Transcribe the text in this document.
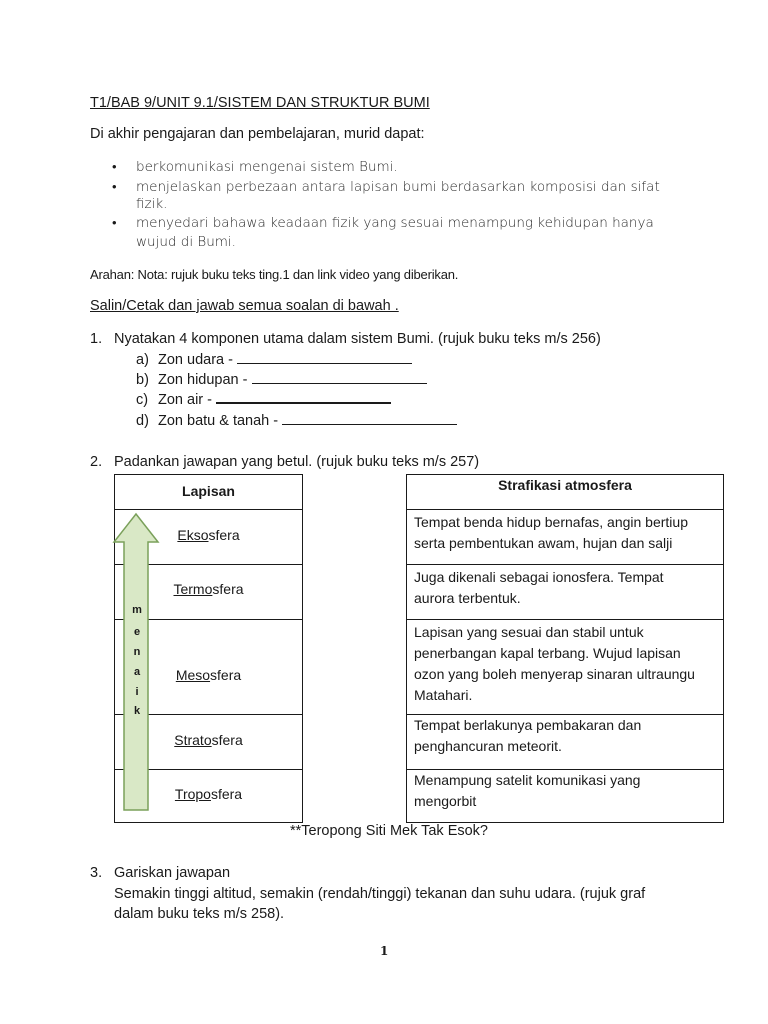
T1/BAB 9/UNIT 9.1/SISTEM DAN STRUKTUR BUMI
Di akhir pengajaran dan pembelajaran, murid dapat:
• berkomunikasi mengenai sistem Bumi.
• menjelaskan perbezaan antara lapisan bumi berdasarkan komposisi dan sifat
fizik.
• menyedari bahawa keadaan fizik yang sesuai menampung kehidupan hanya
wujud di Bumi.
Arahan: Nota: rujuk buku teks ting.1 dan link video yang diberikan.
Salin/Cetak dan jawab semua soalan di bawah .
1. Nyatakan 4 komponen utama dalam sistem Bumi. (rujuk buku teks m/s 256)
a) Zon udara -
b) Zon hidupan -
c) Zon air -
d) Zon batu & tanah -
2. Padankan jawapan yang betul. (rujuk buku teks m/s 257)
Lapisan
Eksosfera
Termosfera
Mesosfera
Stratosfera
Troposfera
m
e
n
a
i
k
Strafikasi atmosfera
Tempat benda hidup bernafas, angin bertiup
serta pembentukan awam, hujan dan salji
Juga dikenali sebagai ionosfera. Tempat
aurora terbentuk.
Lapisan yang sesuai dan stabil untuk
penerbangan kapal terbang. Wujud lapisan
ozon yang boleh menyerap sinaran ultraungu
Matahari.
Tempat berlakunya pembakaran dan
penghancuran meteorit.
Menampung satelit komunikasi yang
mengorbit
**Teropong Siti Mek Tak Esok?
3. Gariskan jawapan
Semakin tinggi altitud, semakin (rendah/tinggi) tekanan dan suhu udara. (rujuk graf
dalam buku teks m/s 258).
1
